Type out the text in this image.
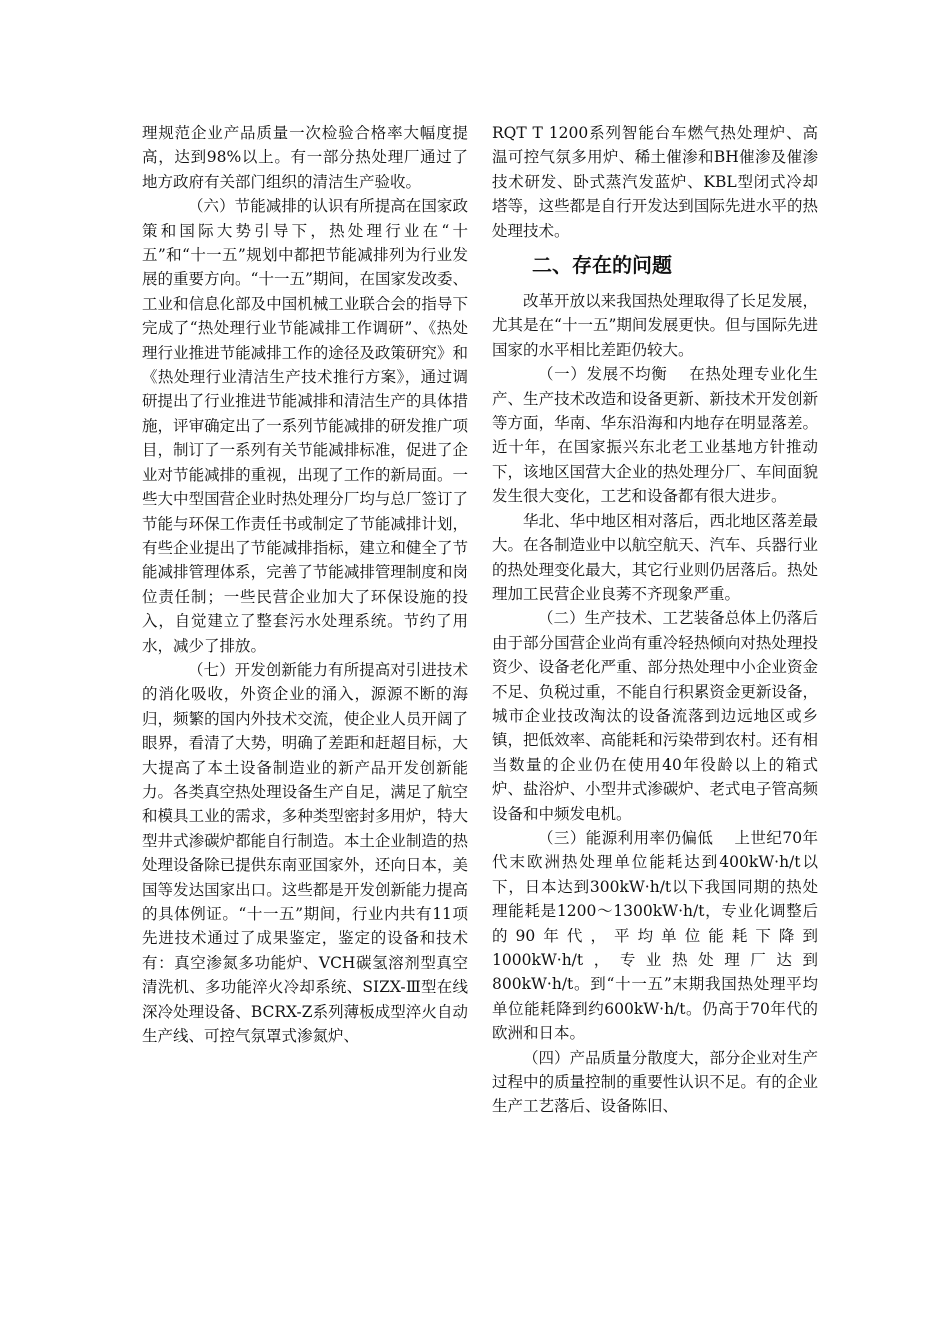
理规范企业产品质量一次检验合格率大幅度提高，达到98%以上。有一部分热处理厂通过了地方政府有关部门组织的清洁生产验收。

（六）节能减排的认识有所提高在国家政策和国际大势引导下，热处理行业在“十五”和“十一五”规划中都把节能减排列为行业发展的重要方向。“十一五”期间，在国家发改委、工业和信息化部及中国机械工业联合会的指导下完成了“热处理行业节能减排工作调研”、《热处理行业推进节能减排工作的途径及政策研究》和《热处理行业清洁生产技术推行方案》，通过调研提出了行业推进节能减排和清洁生产的具体措施，评审确定出了一系列节能减排的研发推广项目，制订了一系列有关节能减排标准，促进了企业对节能减排的重视，出现了工作的新局面。一些大中型国营企业时热处理分厂均与总厂签订了节能与环保工作责任书或制定了节能减排计划，有些企业提出了节能减排指标，建立和健全了节能减排管理体系，完善了节能减排管理制度和岗位责任制；一些民营企业加大了环保设施的投入，自觉建立了整套污水处理系统。节约了用水，减少了排放。

（七）开发创新能力有所提高对引进技术的消化吸收，外资企业的涌入，源源不断的海归，频繁的国内外技术交流，使企业人员开阔了眼界，看清了大势，明确了差距和赶超目标，大大提高了本土设备制造业的新产品开发创新能力。各类真空热处理设备生产自足，满足了航空和模具工业的需求，多种类型密封多用炉，特大型井式渗碳炉都能自行制造。本土企业制造的热处理设备除已提供东南亚国家外，还向日本，美国等发达国家出口。这些都是开发创新能力提高的具体例证。“十一五”期间，行业内共有11项先进技术通过了成果鉴定，鉴定的设备和技术有：真空渗氮多功能炉、VCH碳氢溶剂型真空清洗机、多功能淬火冷却系统、SIZX-Ⅲ型在线深冷处理设备、BCRX-Z系列薄板成型淬火自动生产线、可控气氛罩式渗氮炉、

RQT T 1200系列智能台车燃气热处理炉、高温可控气氛多用炉、稀土催渗和BH催渗及催渗技术研发、卧式蒸汽发蓝炉、KBL型闭式冷却塔等，这些都是自行开发达到国际先进水平的热处理技术。

二、存在的问题

改革开放以来我国热处理取得了长足发展，尤其是在“十一五”期间发展更快。但与国际先进国家的水平相比差距仍较大。

（一）发展不均衡　 在热处理专业化生产、生产技术改造和设备更新、新技术开发创新等方面，华南、华东沿海和内地存在明显落差。近十年，在国家振兴东北老工业基地方针推动下，该地区国营大企业的热处理分厂、车间面貌发生很大变化，工艺和设备都有很大进步。

华北、华中地区相对落后，西北地区落差最大。在各制造业中以航空航天、汽车、兵器行业的热处理变化最大，其它行业则仍居落后。热处理加工民营企业良莠不齐现象严重。

（二）生产技术、工艺装备总体上仍落后由于部分国营企业尚有重冷轻热倾向对热处理投资少、设备老化严重、部分热处理中小企业资金不足、负税过重，不能自行积累资金更新设备，城市企业技改淘汰的设备流落到边远地区或乡镇，把低效率、高能耗和污染带到农村。还有相当数量的企业仍在使用40年役龄以上的箱式炉、盐浴炉、小型井式渗碳炉、老式电子管高频设备和中频发电机。

（三）能源利用率仍偏低　 上世纪70年代末欧洲热处理单位能耗达到400kW·h/t以下，日本达到300kW·h/t以下我国同期的热处理能耗是1200～1300kW·h/t，专业化调整后的90年代，平均单位能耗下降到1000kW·h/t，专业热处理厂达到800kW·h/t。到“十一五”末期我国热处理平均单位能耗降到约600kW·h/t。仍高于70年代的欧洲和日本。

（四）产品质量分散度大，部分企业对生产过程中的质量控制的重要性认识不足。有的企业生产工艺落后、设备陈旧、
